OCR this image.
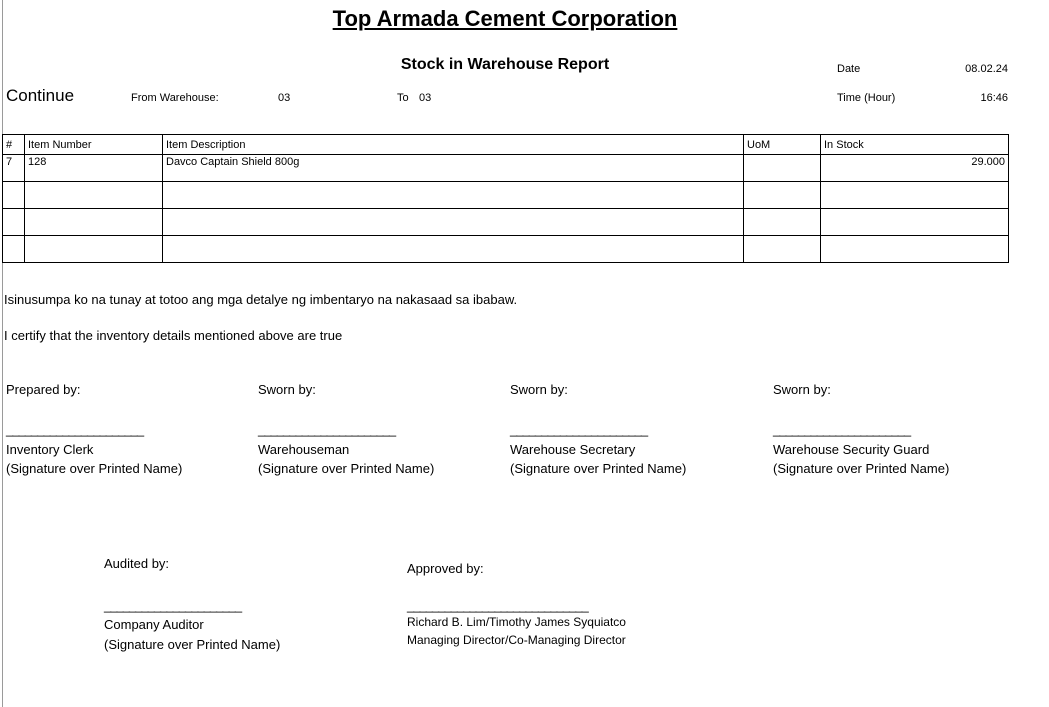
Top Armada Cement Corporation
Stock in Warehouse Report
Continue	From Warehouse:	03	To 03
Date	08.02.24
Time (Hour)	16:46
#	Item Number	Item Description	UoM	In Stock
7	128	Davco Captain Shield 800g		29.000

Isinusumpa ko na tunay at totoo ang mga detalye ng imbentaryo na nakasaad sa ibabaw.
I certify that the inventory details mentioned above are true
Prepared by:
______________________
Inventory Clerk
(Signature over Printed Name)
Sworn by:
______________________
Warehouseman
(Signature over Printed Name)
Sworn by:
______________________
Warehouse Secretary
(Signature over Printed Name)
Sworn by:
______________________
Warehouse Security Guard
(Signature over Printed Name)
Audited by:
______________________
Company Auditor
(Signature over Printed Name)
Approved by:
_____________________________
Richard B. Lim/Timothy James Syquiatco
Managing Director/Co-Managing Director
